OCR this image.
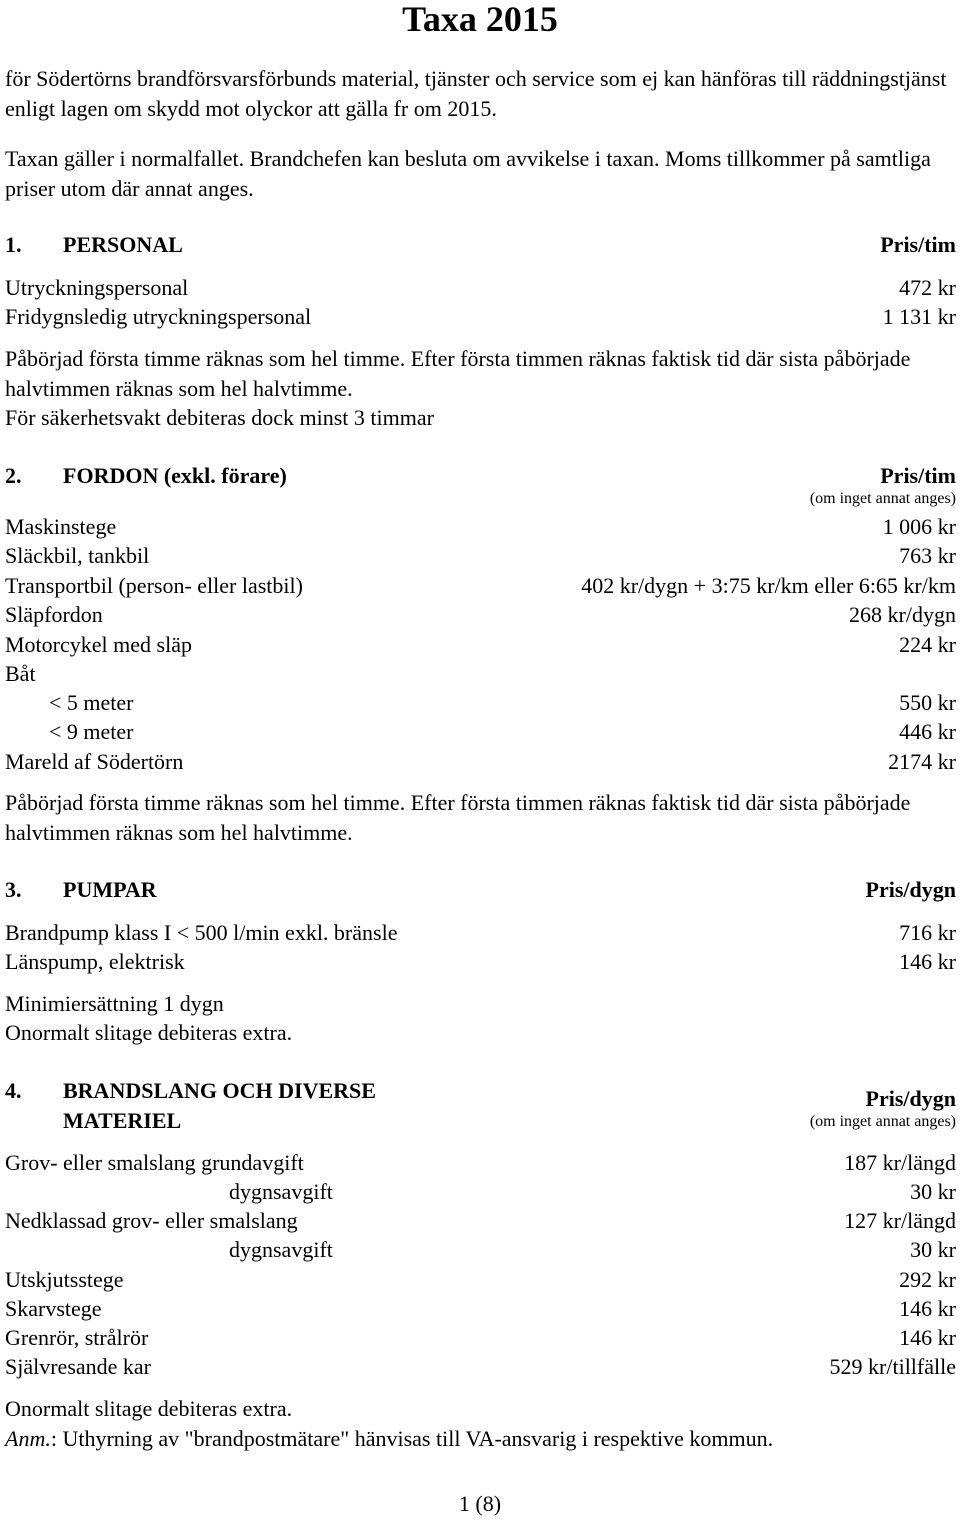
Taxa 2015
för Södertörns brandförsvarsförbunds material, tjänster och service som ej kan hänföras till räddningstjänst enligt lagen om skydd mot olyckor att gälla fr om 2015.
Taxan gäller i normalfallet. Brandchefen kan besluta om avvikelse i taxan. Moms tillkommer på samtliga priser utom där annat anges.
1. PERSONAL	Pris/tim
Utryckningspersonal	472 kr
Fridygnsledig utryckningspersonal	1 131 kr
Påbörjad första timme räknas som hel timme. Efter första timmen räknas faktisk tid där sista påbörjade halvtimmen räknas som hel halvtimme.
För säkerhetsvakt debiteras dock minst 3 timmar
2. FORDON (exkl. förare)	Pris/tim
(om inget annat anges)
Maskinstege	1 006 kr
Släckbil, tankbil	763 kr
Transportbil (person- eller lastbil)	402 kr/dygn + 3:75 kr/km eller 6:65 kr/km
Släpfordon	268 kr/dygn
Motorcykel med släp	224 kr
Båt
< 5 meter	550 kr
< 9 meter	446 kr
Mareld af Södertörn	2174 kr
Påbörjad första timme räknas som hel timme. Efter första timmen räknas faktisk tid där sista påbörjade halvtimmen räknas som hel halvtimme.
3. PUMPAR	Pris/dygn
Brandpump klass I < 500 l/min exkl. bränsle	716 kr
Länspump, elektrisk	146 kr
Minimiersättning 1 dygn
Onormalt slitage debiteras extra.
4. BRANDSLANG OCH DIVERSE
MATERIEL
Pris/dygn
(om inget annat anges)
Grov- eller smalslang grundavgift	187 kr/längd
dygnsavgift	30 kr
Nedklassad grov- eller smalslang	127 kr/längd
dygnsavgift	30 kr
Utskjutsstege	292 kr
Skarvstege	146 kr
Grenrör, strålrör	146 kr
Självresande kar	529 kr/tillfälle
Onormalt slitage debiteras extra.
Anm.: Uthyrning av "brandpostmätare" hänvisas till VA-ansvarig i respektive kommun.
1 (8)
